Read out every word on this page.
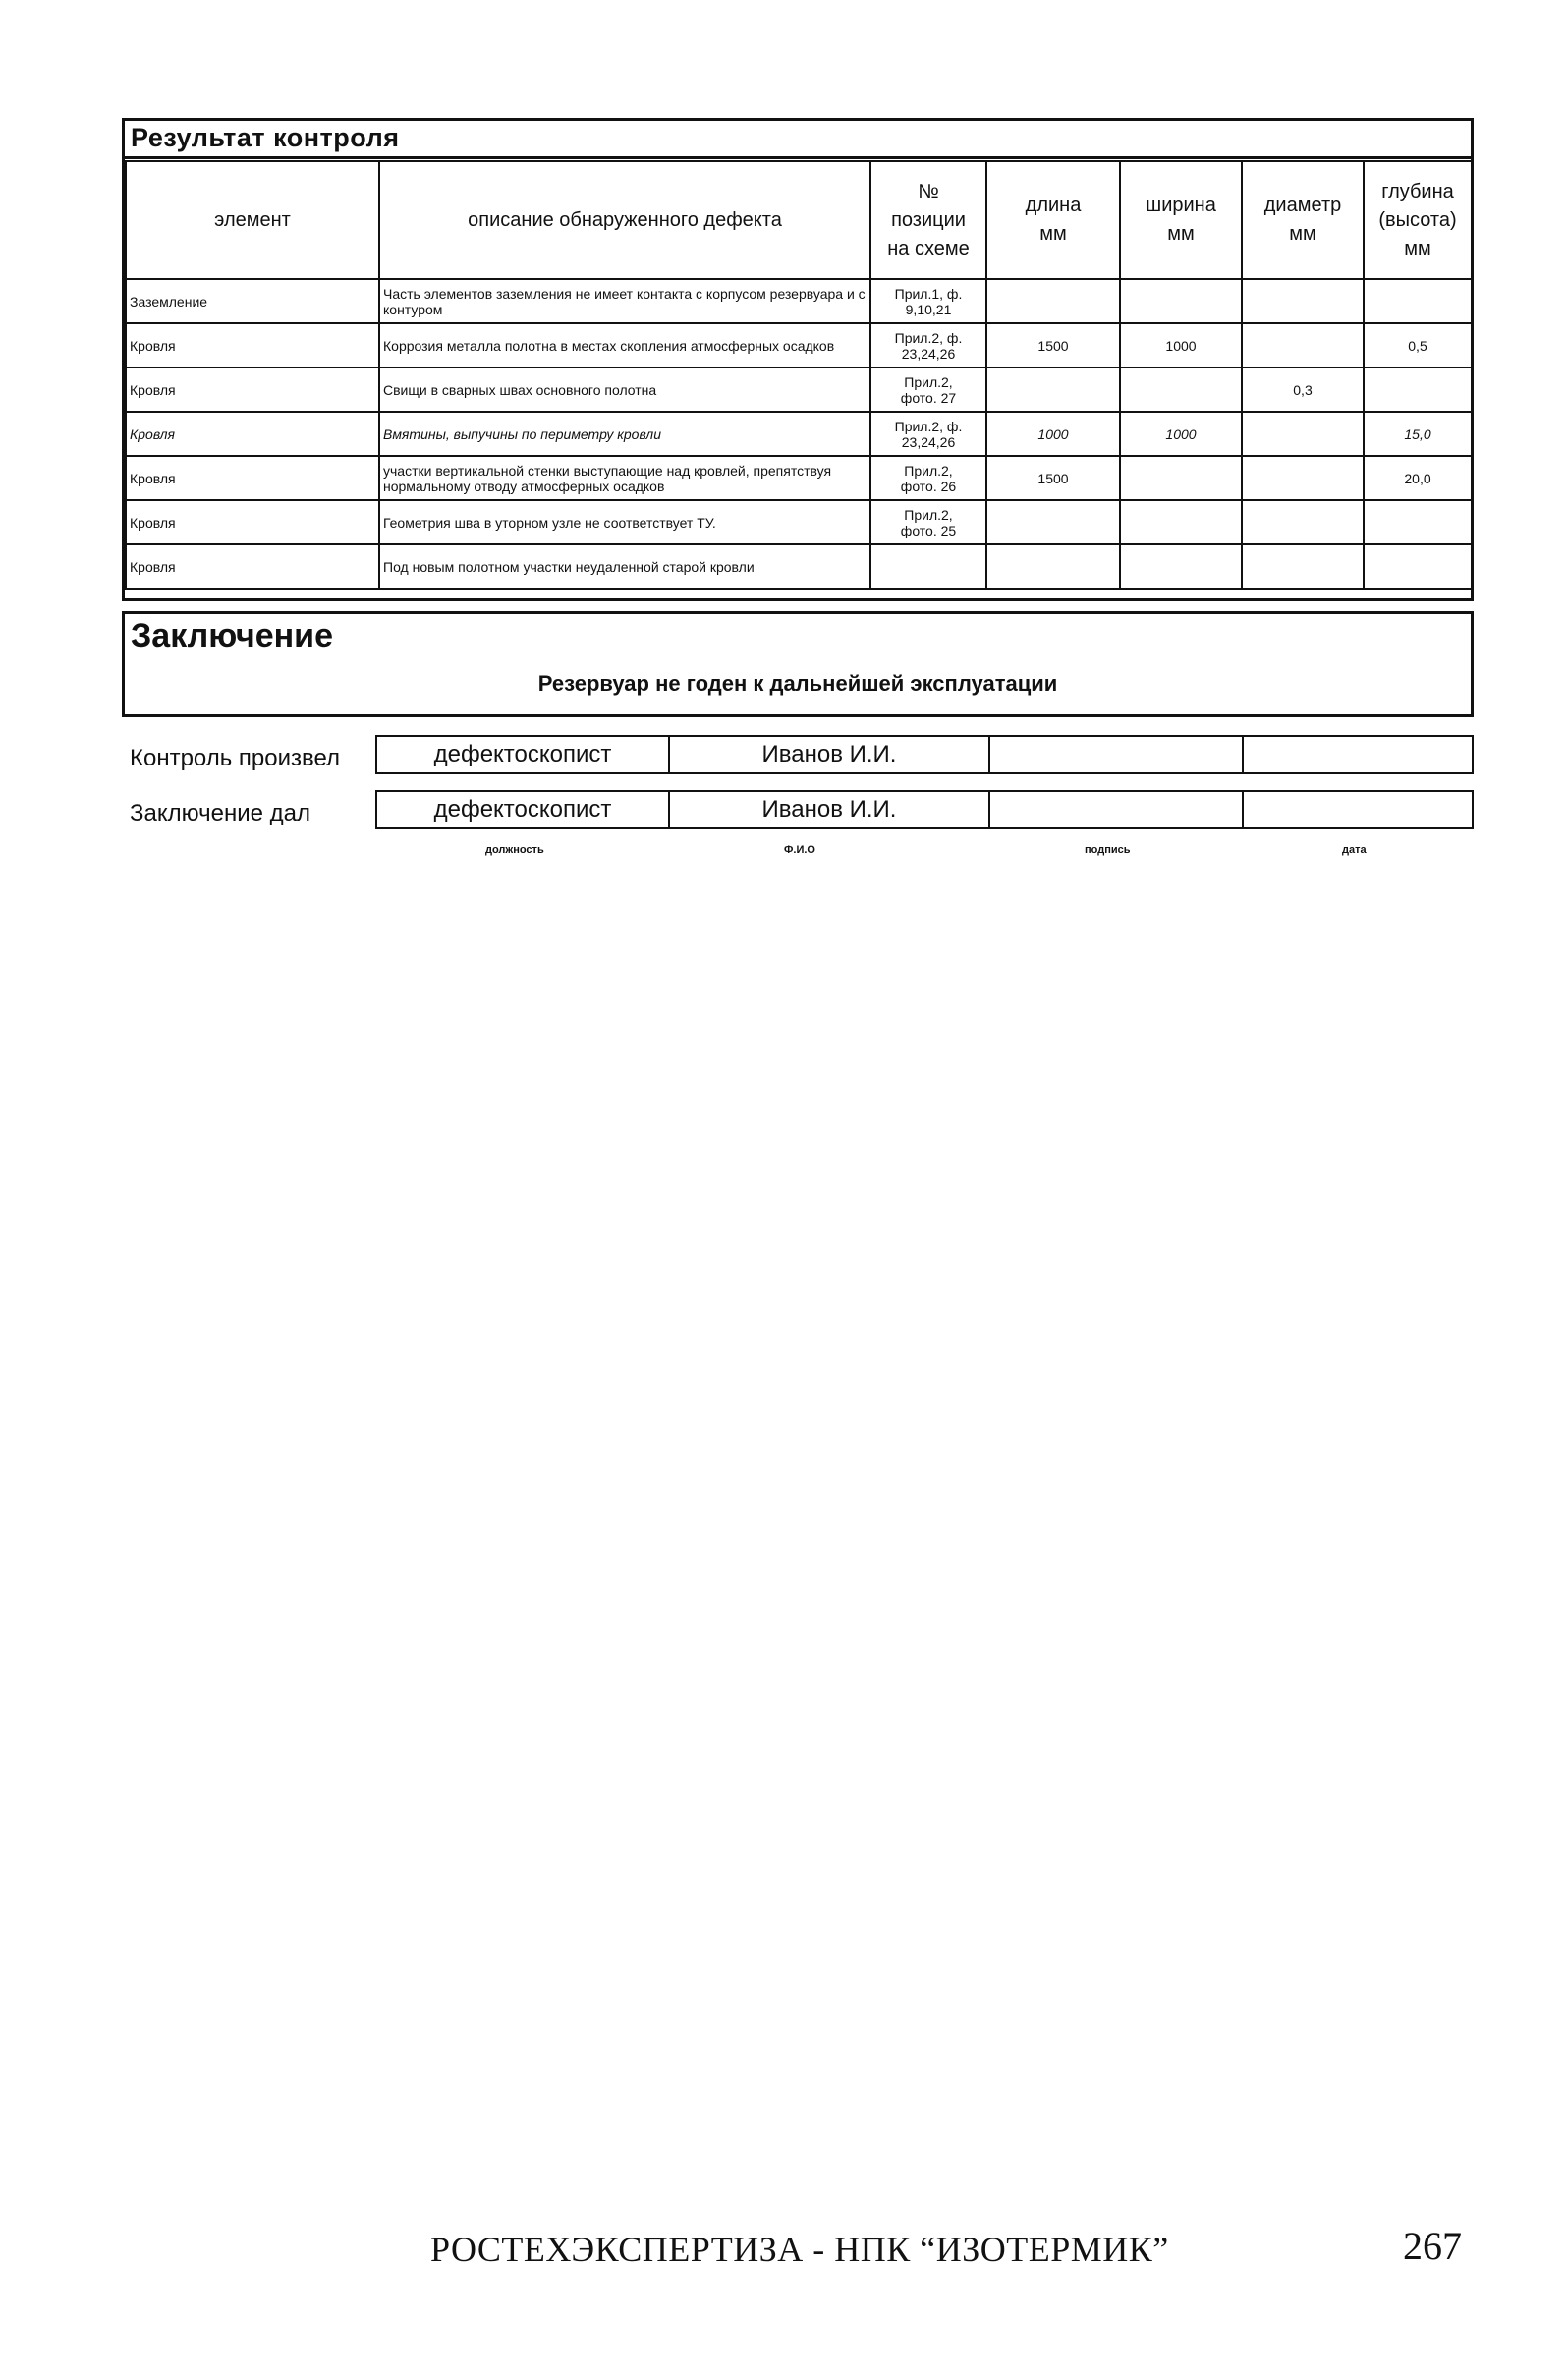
Результат контроля
элемент	описание обнаруженного дефекта	№
позиции
на схеме	длина
мм	ширина
мм	диаметр
мм	глубина
(высота)
мм

Заземление	Часть элементов заземления не имеет контакта с корпусом резервуара и с контуром	Прил.1, ф.
9,10,21				

Кровля	Коррозия металла полотна в местах скопления атмосферных осадков	Прил.2, ф.
23,24,26	1500	1000		0,5
Кровля	Свищи в сварных швах основного полотна	Прил.2,
фото. 27			0,3	
Кровля	Вмятины, выпучины по периметру кровли	Прил.2, ф.
23,24,26	1000	1000		15,0
Кровля	участки вертикальной стенки выступающие над кровлей, препятствуя нормальному отводу атмосферных осадков	Прил.2,
фото. 26	1500			20,0
Кровля	Геометрия шва в уторном узле не соответствует ТУ.	Прил.2,
фото. 25				

Кровля	Под новым полотном участки неудаленной старой кровли	

Заключение
Резервуар не годен к дальнейшей эксплуатации
Контроль произвел	дефектоскопист	Иванов И.И.
Заключение дал	дефектоскопист	Иванов И.И.
должность	Ф.И.О	подпись	дата
РОСТЕХЭКСПЕРТИЗА - НПК “ИЗОТЕРМИК”	267
